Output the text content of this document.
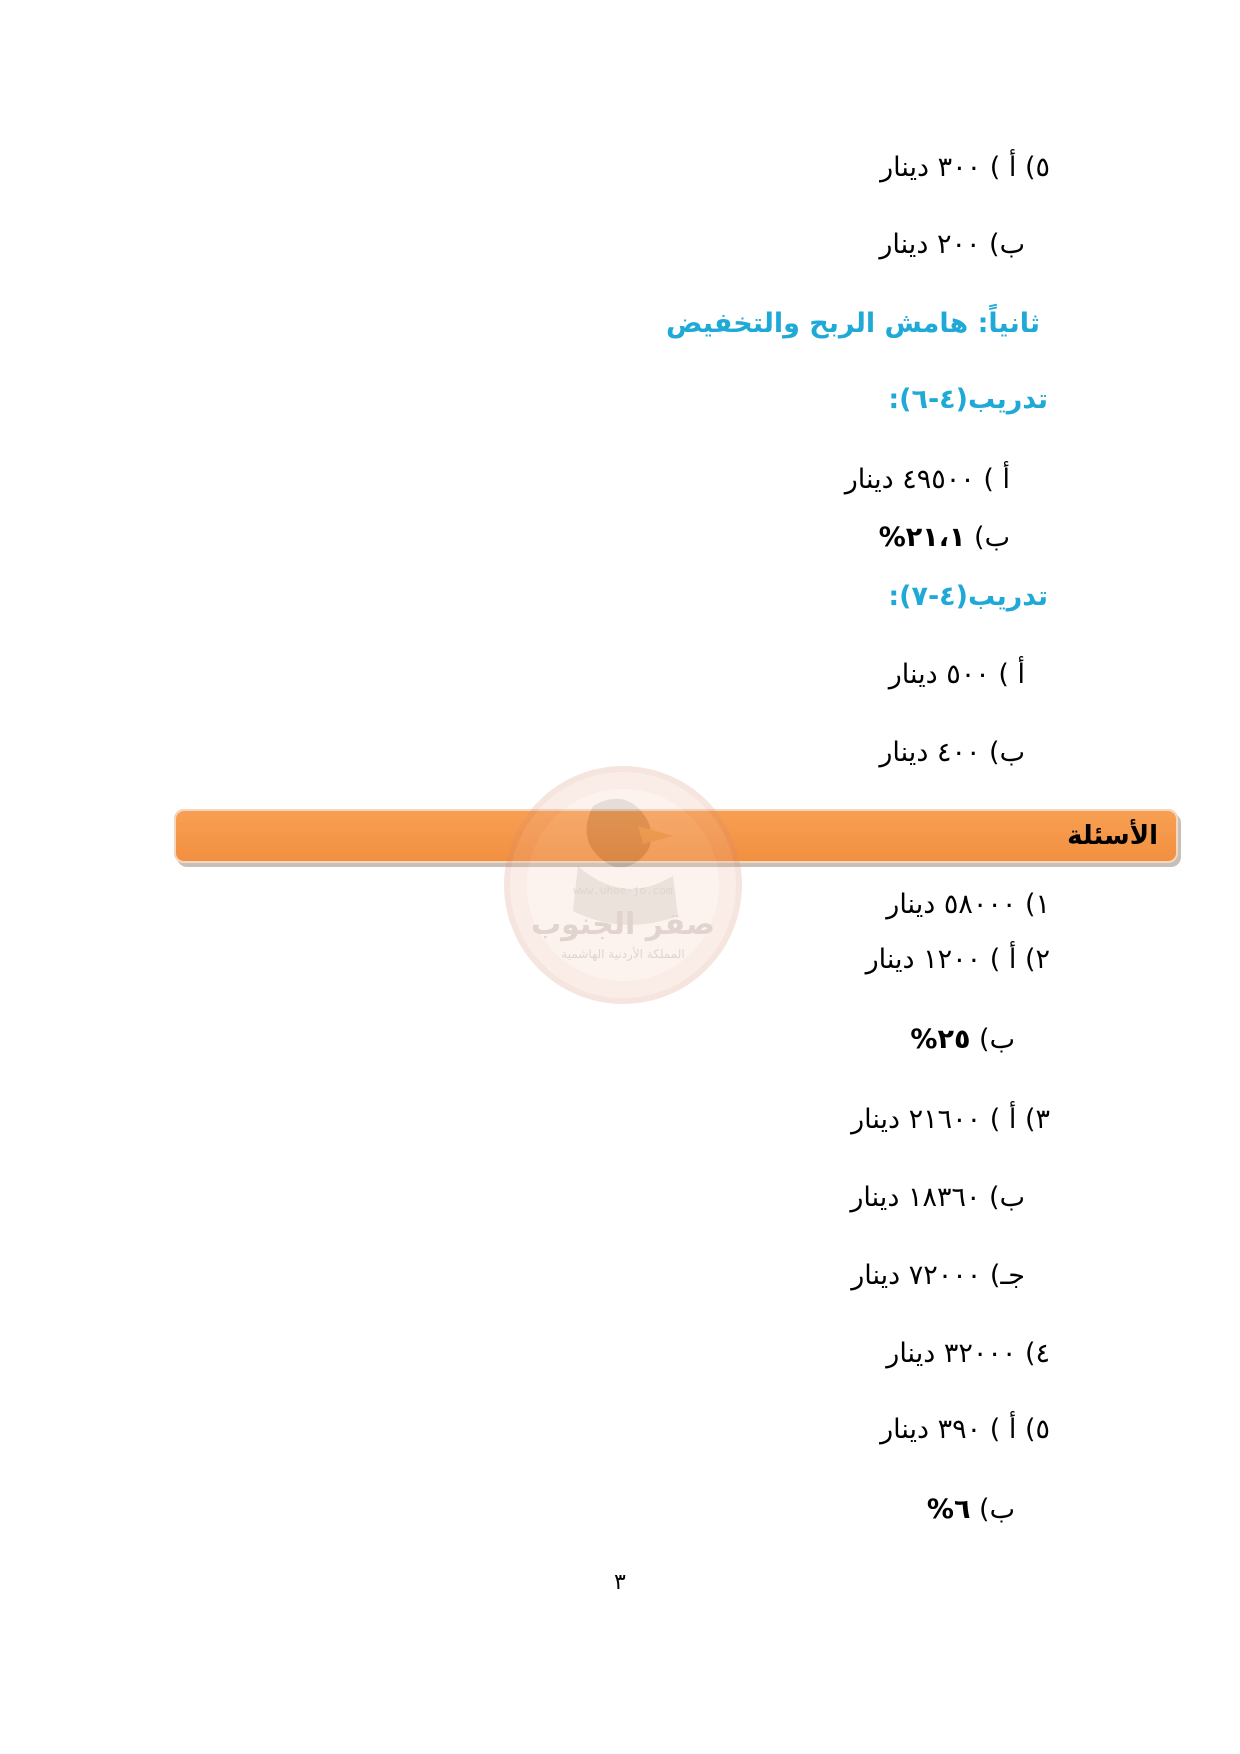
٥) أ ) ٣٠٠ دينار
ب) ٢٠٠ دينار
ثانياً: هامش الربح والتخفيض
تدريب(٤-٦):
أ ) ٤٩٥٠٠ دينار
ب) ٢١،١%
تدريب(٤-٧):
أ ) ٥٠٠ دينار
ب) ٤٠٠ دينار
الأسئلة
صقر الجنوب
المملكة الأردنية الهاشمية
www.uhoe-jo.com	١) ٥٨٠٠٠ دينار
٢) أ ) ١٢٠٠ دينار
ب) ٢٥%
٣) أ ) ٢١٦٠٠ دينار
ب) ١٨٣٦٠ دينار
جـ) ٧٢٠٠٠ دينار
٤) ٣٢٠٠٠ دينار
٥) أ ) ٣٩٠ دينار
ب) ٦%
٣
